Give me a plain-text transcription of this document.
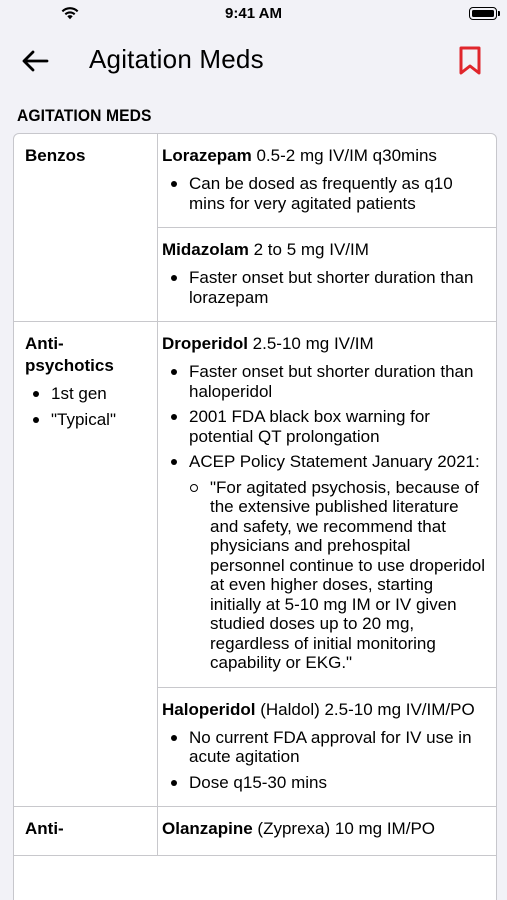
9:41 AM
Agitation Meds
AGITATION MEDS
Benzos	Lorazepam 0.5-2 mg IV/IM q30mins
Can be dosed as frequently as q10 mins for very agitated patients
Midazolam 2 to 5 mg IV/IM
Faster onset but shorter duration than lorazepam
Anti-psychotics
1st gen
"Typical"
Droperidol 2.5-10 mg IV/IM
Faster onset but shorter duration than haloperidol
2001 FDA black box warning for potential QT prolongation
ACEP Policy Statement January 2021:
"For agitated psychosis, because of the extensive published literature and safety, we recommend that physicians and prehospital personnel continue to use droperidol at even higher doses, starting initially at 5-10 mg IM or IV given studied doses up to 20 mg, regardless of initial monitoring capability or EKG."
Haloperidol (Haldol) 2.5-10 mg IV/IM/PO
No current FDA approval for IV use in acute agitation
Dose q15-30 mins
Anti-	Olanzapine (Zyprexa) 10 mg IM/PO
